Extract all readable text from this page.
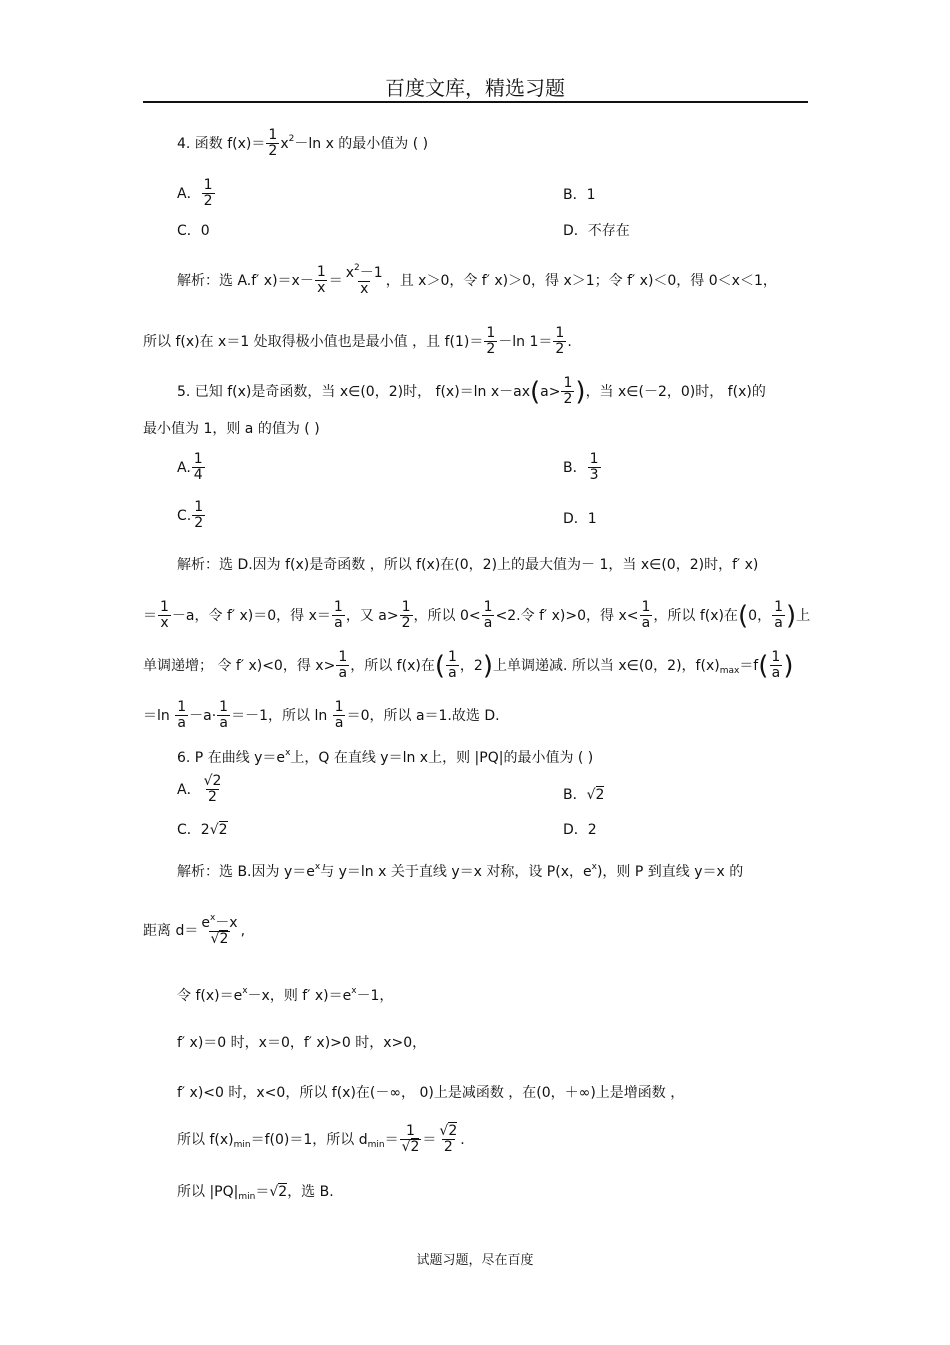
百度文库，精选习题
4. 函数 $f(x)= \frac{1}{2} x^2-\ln$ x 的最小值为 ( )
A． $\frac{1}{2}$	B．1
C．0	D．不存在
解析：选 A.f′ $x)=x- \frac{1}{x} = \frac{x^2-1}{x}$ ，且 x＞0，令 f′ x)＞0，得 x＞1；令 f′ x)＜0，得 0＜x＜1，
所以 f(x)在 x＝1 处取得极小值也是最小值 ，且 $f(1)= \frac{1}{2} -\ln$ $1= \frac{1}{2}$ .
5. 已知 f(x)是奇函数，当 x∈(0，2)时， f(x)＝ln $x-ax(a> \frac{1}{2}$ )，当 x∈(－2，0)时， f(x)的
最小值为 1，则 a 的值为 ( )
A. $\frac{1}{4}$	B． $\frac{1}{3}$
C. $\frac{1}{2}$	D．1
解析：选 D.因为 f(x)是奇函数 ，所以 f(x)在(0，2)上的最大值为－ 1，当 x∈(0，2)时，f′ x)
＝ $\frac{1}{x} -a$，令 f′ x)＝0，得 $x= \frac{1}{a}$ ，又 $a> \frac{1}{2}$ ，所以 $0< \frac{1}{a} <2$.令 f′ x)>0，得 $x< \frac{1}{a}$ ，所以 f(x)在(0， $\frac{1}{a}$ )上
单调递增； 令 f′ x)<0，得 $x> \frac{1}{a}$ ，所以 f(x)在( $\frac{1}{a}$ ，2)上单调递减. 所以当 x∈(0，2)，$f(x)_{max}=f( \frac{1}{a}$ )
$=\ln \frac{1}{a} -a\cdot \frac{1}{a} =-1$，所以 $\ln \frac{1}{a} =0$，所以 a＝1.故选 D.
6. P 在曲线 $y=e^x$上，Q 在直线 y＝ln x上，则 |PQ|的最小值为 ( )
A． $\frac{√2}{2}$	B．√2
C．2√2	D．2
解析：选 B.因为 $y=e^x$与 y＝ln x 关于直线 y＝x 对称，设 P(x，$e^x$)，则 P 到直线 y＝x 的
距离 $d= \frac{e^x-x}{√2}$ ,
令 $f(x)=e^x-x$，则 f′ $x)=e^x-1$，
f′ x)＝0 时，x＝0，f′ x)>0 时，x>0，
f′ x)<0 时，x<0，所以 f(x)在(－∞， 0)上是减函数 ，在(0，＋∞)上是增函数 ，
所以 $f(x)_{min}=f(0)=1$，所以 $d_{min}= \frac{1}{√2} = \frac{√2}{2}$ .
所以 $|PQ|_{min}=√2$，选 B.
试题习题，尽在百度
